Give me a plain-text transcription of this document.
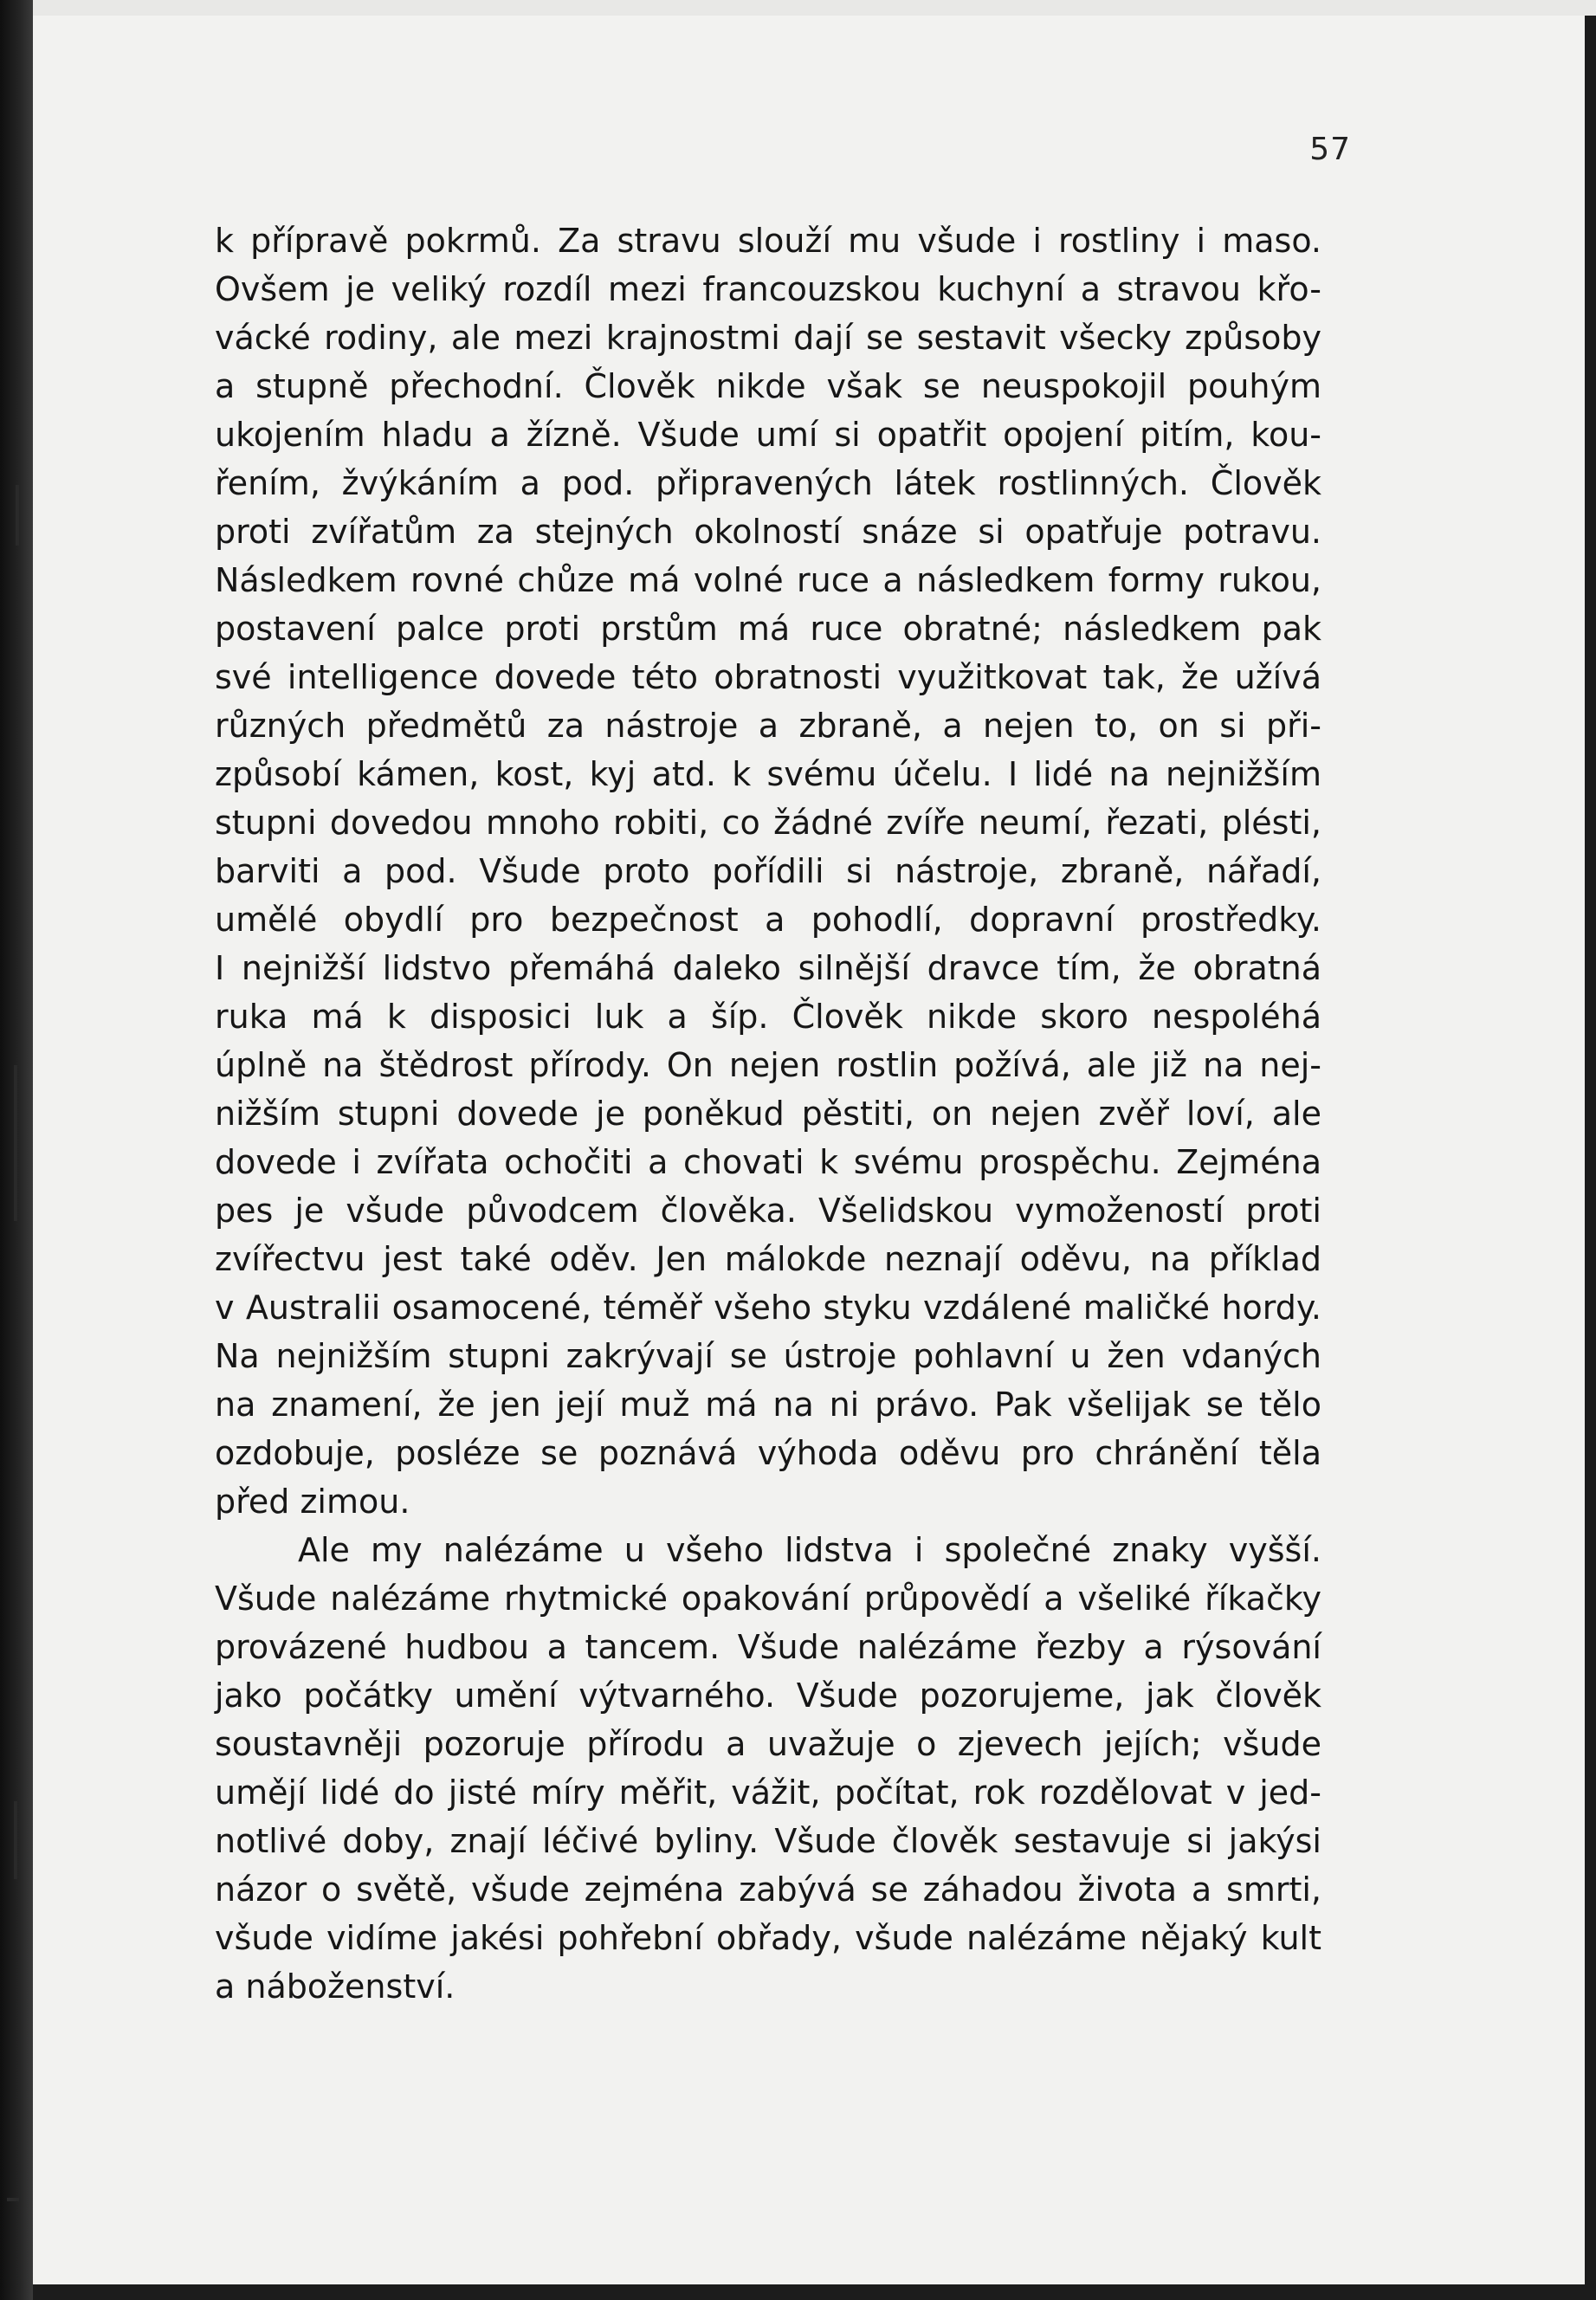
57
k přípravě pokrmů. Za stravu slouží mu všude i rostliny i maso.
Ovšem je veliký rozdíl mezi francouzskou kuchyní a stravou křo-
vácké rodiny, ale mezi krajnostmi dají se sestavit všecky způsoby
a stupně přechodní. Člověk nikde však se neuspokojil pouhým
ukojením hladu a žízně. Všude umí si opatřit opojení pitím, kou-
řením, žvýkáním a pod. připravených látek rostlinných. Člověk
proti zvířatům za stejných okolností snáze si opatřuje potravu.
Následkem rovné chůze má volné ruce a následkem formy rukou,
postavení palce proti prstům má ruce obratné; následkem pak
své intelligence dovede této obratnosti využitkovat tak, že užívá
různých předmětů za nástroje a zbraně, a nejen to, on si při-
způsobí kámen, kost, kyj atd. k svému účelu. I lidé na nejnižším
stupni dovedou mnoho robiti, co žádné zvíře neumí, řezati, plésti,
barviti a pod. Všude proto pořídili si nástroje, zbraně, nářadí,
umělé obydlí pro bezpečnost a pohodlí, dopravní prostředky.
I nejnižší lidstvo přemáhá daleko silnější dravce tím, že obratná
ruka má k disposici luk a šíp. Člověk nikde skoro nespoléhá
úplně na štědrost přírody. On nejen rostlin požívá, ale již na nej-
nižším stupni dovede je poněkud pěstiti, on nejen zvěř loví, ale
dovede i zvířata ochočiti a chovati k svému prospěchu. Zejména
pes je všude původcem člověka. Všelidskou vymožeností proti
zvířectvu jest také oděv. Jen málokde neznají oděvu, na příklad
v Australii osamocené, téměř všeho styku vzdálené maličké hordy.
Na nejnižším stupni zakrývají se ústroje pohlavní u žen vdaných
na znamení, že jen její muž má na ni právo. Pak všelijak se tělo
ozdobuje, posléze se poznává výhoda oděvu pro chránění těla
před zimou.
Ale my nalézáme u všeho lidstva i společné znaky vyšší.
Všude nalézáme rhytmické opakování průpovědí a všeliké říkačky
provázené hudbou a tancem. Všude nalézáme řezby a rýsování
jako počátky umění výtvarného. Všude pozorujeme, jak člověk
soustavněji pozoruje přírodu a uvažuje o zjevech jejích; všude
umějí lidé do jisté míry měřit, vážit, počítat, rok rozdělovat v jed-
notlivé doby, znají léčivé byliny. Všude člověk sestavuje si jakýsi
názor o světě, všude zejména zabývá se záhadou života a smrti,
všude vidíme jakési pohřební obřady, všude nalézáme nějaký kult
a náboženství.
